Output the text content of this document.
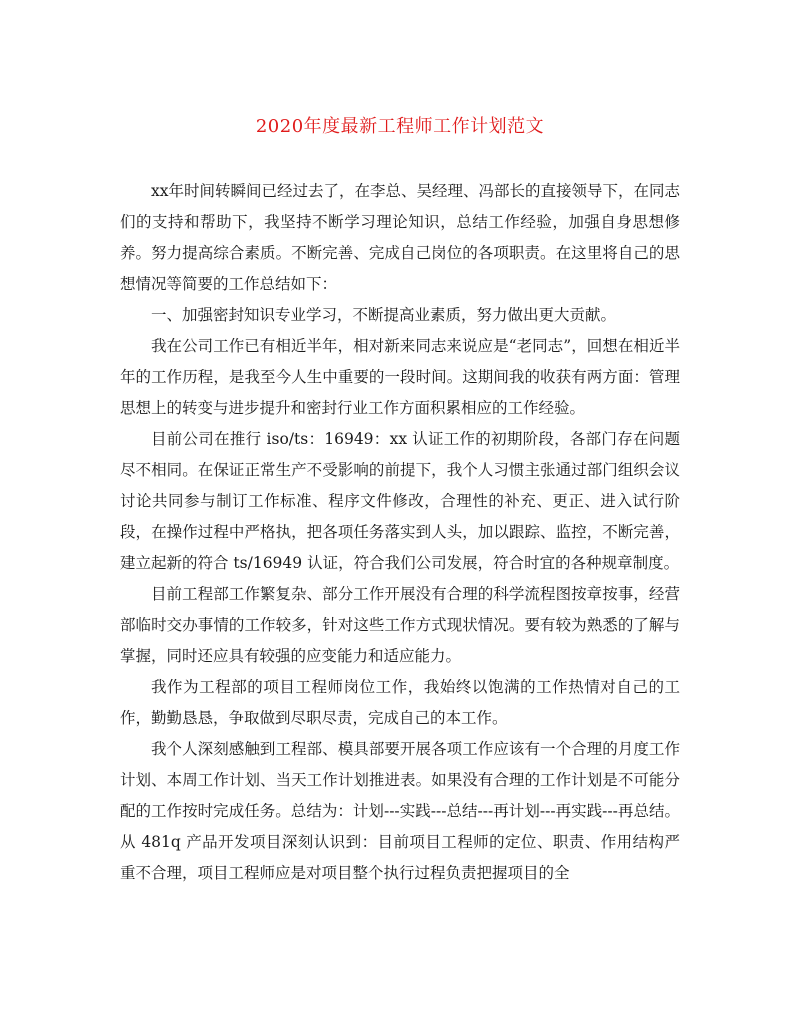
2020年度最新工程师工作计划范文

xx年时间转瞬间已经过去了，在李总、吴经理、冯部长的直接领导下，在同志们的支持和帮助下，我坚持不断学习理论知识，总结工作经验，加强自身思想修养。努力提高综合素质。不断完善、完成自己岗位的各项职责。在这里将自己的思想情况等简要的工作总结如下：

一、加强密封知识专业学习，不断提高业素质，努力做出更大贡献。

我在公司工作已有相近半年，相对新来同志来说应是“老同志”，回想在相近半年的工作历程，是我至今人生中重要的一段时间。这期间我的收获有两方面：管理思想上的转变与进步提升和密封行业工作方面积累相应的工作经验。

目前公司在推行 iso/ts：16949：xx 认证工作的初期阶段，各部门存在问题尽不相同。在保证正常生产不受影响的前提下，我个人习惯主张通过部门组织会议讨论共同参与制订工作标准、程序文件修改，合理性的补充、更正、进入试行阶段，在操作过程中严格执，把各项任务落实到人头，加以跟踪、监控，不断完善，建立起新的符合 ts/16949 认证，符合我们公司发展，符合时宜的各种规章制度。

目前工程部工作繁复杂、部分工作开展没有合理的科学流程图按章按事，经营部临时交办事情的工作较多，针对这些工作方式现状情况。要有较为熟悉的了解与掌握，同时还应具有较强的应变能力和适应能力。

我作为工程部的项目工程师岗位工作，我始终以饱满的工作热情对自己的工作，勤勤恳恳，争取做到尽职尽责，完成自己的本工作。

我个人深刻感触到工程部、模具部要开展各项工作应该有一个合理的月度工作计划、本周工作计划、当天工作计划推进表。如果没有合理的工作计划是不可能分配的工作按时完成任务。总结为：计划---实践---总结---再计划---再实践---再总结。从 481q 产品开发项目深刻认识到：目前项目工程师的定位、职责、作用结构严重不合理，项目工程师应是对项目整个执行过程负责把握项目的全
